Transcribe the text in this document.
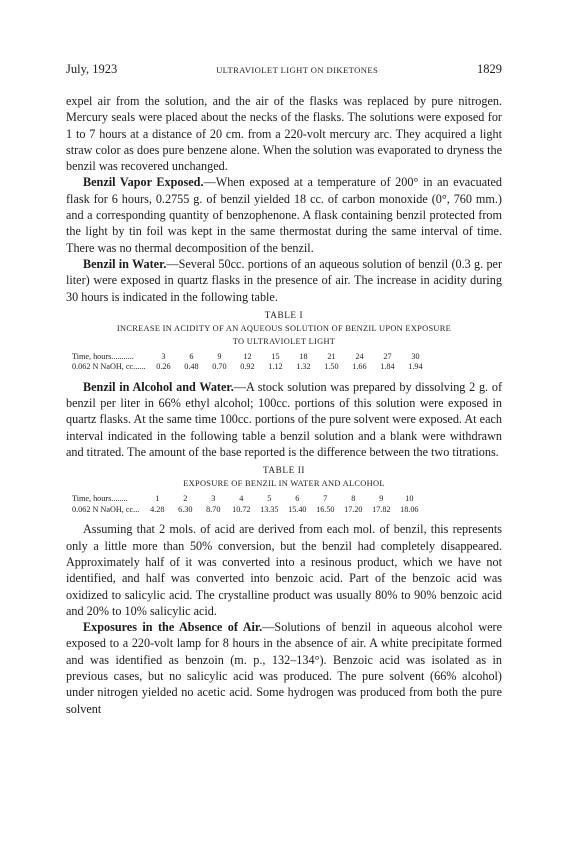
July, 1923	ULTRAVIOLET LIGHT ON DIKETONES	1829

expel air from the solution, and the air of the flasks was replaced by pure nitrogen. Mercury seals were placed about the necks of the flasks. The solutions were exposed for 1 to 7 hours at a distance of 20 cm. from a 220-volt mercury arc. They acquired a light straw color as does pure benzene alone. When the solution was evaporated to dryness the benzil was recovered unchanged.

Benzil Vapor Exposed.—When exposed at a temperature of 200° in an evacuated flask for 6 hours, 0.2755 g. of benzil yielded 18 cc. of carbon monoxide (0°, 760 mm.) and a corresponding quantity of benzophenone. A flask containing benzil protected from the light by tin foil was kept in the same thermostat during the same interval of time. There was no thermal decomposition of the benzil.

Benzil in Water.—Several 50cc. portions of an aqueous solution of benzil (0.3 g. per liter) were exposed in quartz flasks in the presence of air. The increase in acidity during 30 hours is indicated in the following table.

TABLE I
INCREASE IN ACIDITY OF AN AQUEOUS SOLUTION OF BENZIL UPON EXPOSURE
TO ULTRAVIOLET LIGHT
Time, hours...........	3	6	9	12	15	18	21	24	27	30
0.062 N NaOH, cc......	0.26	0.48	0.70	0.92	1.12	1.32	1.50	1.66	1.84	1.94

Benzil in Alcohol and Water.—A stock solution was prepared by dissolving 2 g. of benzil per liter in 66% ethyl alcohol; 100cc. portions of this solution were exposed in quartz flasks. At the same time 100cc. portions of the pure solvent were exposed. At each interval indicated in the following table a benzil solution and a blank were withdrawn and titrated. The amount of the base reported is the difference between the two titrations.

TABLE II
EXPOSURE OF BENZIL IN WATER AND ALCOHOL
Time, hours........	1	2	3	4	5	6	7	8	9	10
0.062 N NaOH, cc...	4.28	6.30	8.70	10.72	13.35	15.40	16.50	17.20	17.82	18.06

Assuming that 2 mols. of acid are derived from each mol. of benzil, this represents only a little more than 50% conversion, but the benzil had completely disappeared. Approximately half of it was converted into a resinous product, which we have not identified, and half was converted into benzoic acid. Part of the benzoic acid was oxidized to salicylic acid. The crystalline product was usually 80% to 90% benzoic acid and 20% to 10% salicylic acid.

Exposures in the Absence of Air.—Solutions of benzil in aqueous alcohol were exposed to a 220-volt lamp for 8 hours in the absence of air. A white precipitate formed and was identified as benzoin (m. p., 132–134°). Benzoic acid was isolated as in previous cases, but no salicylic acid was produced. The pure solvent (66% alcohol) under nitrogen yielded no acetic acid. Some hydrogen was produced from both the pure solvent
